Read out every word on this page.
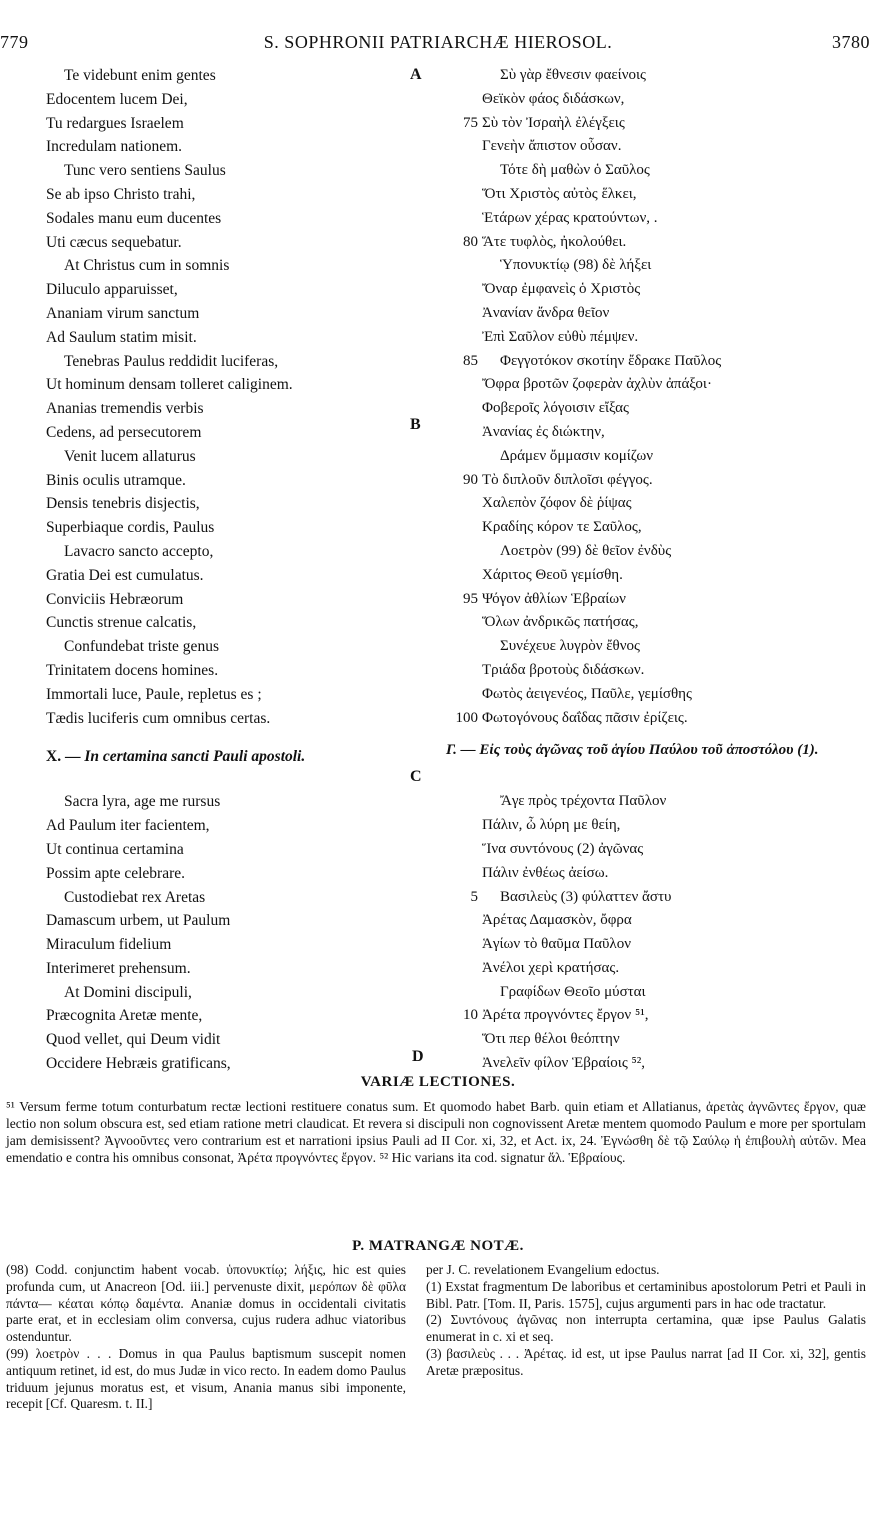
779	S. SOPHRONII PATRIARCHÆ HIEROSOL.	3780
A
B
C
D
Te videbunt enim gentes
Edocentem lucem Dei,
Tu redargues Israelem
Incredulam nationem.
Tunc vero sentiens Saulus
Se ab ipso Christo trahi,
Sodales manu eum ducentes
Uti cæcus sequebatur.
At Christus cum in somnis
Diluculo apparuisset,
Ananiam virum sanctum
Ad Saulum statim misit.
Tenebras Paulus reddidit luciferas,
Ut hominum densam tolleret caliginem.
Ananias tremendis verbis
Cedens, ad persecutorem
Venit lucem allaturus
Binis oculis utramque.
Densis tenebris disjectis,
Superbiaque cordis, Paulus
Lavacro sancto accepto,
Gratia Dei est cumulatus.
Conviciis Hebræorum
Cunctis strenue calcatis,
Confundebat triste genus
Trinitatem docens homines.
Immortali luce, Paule, repletus es ;
Tædis luciferis cum omnibus certas.
X. — In certamina sancti Pauli apostoli.
Sacra lyra, age me rursus
Ad Paulum iter facientem,
Ut continua certamina
Possim apte celebrare.
Custodiebat rex Aretas
Damascum urbem, ut Paulum
Miraculum fidelium
Interimeret prehensum.
At Domini discipuli,
Præcognita Aretæ mente,
Quod vellet, qui Deum vidit
Occidere Hebræis gratificans,
Σὺ γὰρ ἔθνεσιν φαείνοις
Θεϊκὸν φάος διδάσκων,
75 Σὺ τὸν Ἰσραὴλ ἐλέγξεις
Γενεὴν ἄπιστον οὖσαν.
Τότε δὴ μαθὼν ὁ Σαῦλος
Ὅτι Χριστὸς αὐτὸς ἕλκει,
Ἑτάρων χέρας κρατούντων, .
80 Ἅτε τυφλὸς, ἠκολούθει.
Ὑπονυκτίῳ (98) δὲ λήξει
Ὄναρ ἐμφανεὶς ὁ Χριστὸς
Ἀνανίαν ἄνδρα θεῖον
Ἐπὶ Σαῦλον εὐθὺ πέμψεν.
85 Φεγγοτόκον σκοτίην ἔδρακε Παῦλος
Ὄφρα βροτῶν ζοφερὰν ἀχλὺν ἀπάξοι·
Φοβεροῖς λόγοισιν εἴξας
Ἀνανίας ἐς διώκτην,
Δράμεν ὄμμασιν κομίζων
90 Τὸ διπλοῦν διπλοῖσι φέγγος.
Χαλεπὸν ζόφον δὲ ῥίψας
Κραδίης κόρον τε Σαῦλος,
Λοετρὸν (99) δὲ θεῖον ἐνδὺς
Χάριτος Θεοῦ γεμίσθη.
95 Ψόγον ἀθλίων Ἑβραίων
Ὅλων ἀνδρικῶς πατήσας,
Συνέχευε λυγρὸν ἔθνος
Τριάδα βροτοὺς διδάσκων.
Φωτὸς ἀειγενέος, Παῦλε, γεμίσθης
100 Φωτογόνους δαΐδας πᾶσιν ἐρίζεις.
Γ. — Εἰς τοὺς ἀγῶνας τοῦ ἁγίου Παύλου τοῦ ἀποστόλου (1).
Ἄγε πρὸς τρέχοντα Παῦλον
Πάλιν, ὦ λύρη με θείη,
Ἵνα συντόνους (2) ἀγῶνας
Πάλιν ἐνθέως ἀείσω.
5 Βασιλεὺς (3) φύλαττεν ἄστυ
Ἀρέτας Δαμασκὸν, ὄφρα
Ἁγίων τὸ θαῦμα Παῦλον
Ἀνέλοι χερὶ κρατήσας.
Γραφίδων Θεοῖο μύσται
10 Ἀρέτα προγνόντες ἔργον ⁵¹,
Ὅτι περ θέλοι θεόπτην
Ἀνελεῖν φίλον Ἑβραίοις ⁵²,
VARIÆ LECTIONES.

⁵¹ Versum ferme totum conturbatum rectæ lectioni restituere conatus sum. Et quomodo habet Barb. quin etiam et Allatianus, ἀρετὰς ἀγνῶντες ἔργον, quæ lectio non solum obscura est, sed etiam ratione metri claudicat. Et revera si discipuli non cognovissent Aretæ mentem quomodo Paulum e more per sportulam jam demisissent? Ἀγνοοῦντες vero contrarium est et narrationi ipsius Pauli ad II Cor. xi, 32, et Act. ix, 24. Ἐγνώσθη δὲ τῷ Σαύλῳ ἡ ἐπιβουλὴ αὐτῶν. Mea emendatio e contra his omnibus consonat, Ἀρέτα προγνόντες ἔργον. ⁵² Hic varians ita cod. signatur ἄλ. Ἑβραίους.

P. MATRANGÆ NOTÆ.

(98) Codd. conjunctim habent vocab. ὑπονυκτίῳ; λήξις, hic est quies profunda cum, ut Anacreon [Od. iii.] pervenuste dixit, μερόπων δὲ φῦλα πάντα— κέαται κόπῳ δαμέντα. Ananiæ domus in occidentali civitatis parte erat, et in ecclesiam olim conversa, cujus rudera adhuc viatoribus ostenduntur.

(99) λοετρὸν . . . Domus in qua Paulus baptismum suscepit nomen antiquum retinet, id est, do mus Judæ in vico recto. In eadem domo Paulus triduum jejunus moratus est, et visum, Anania manus sibi imponente, recepit [Cf. Quaresm. t. II.]

per J. C. revelationem Evangelium edoctus.

(1) Exstat fragmentum De laboribus et certaminibus apostolorum Petri et Pauli in Bibl. Patr. [Tom. II, Paris. 1575], cujus argumenti pars in hac ode tractatur.

(2) Συντόνους ἀγῶνας non interrupta certamina, quæ ipse Paulus Galatis enumerat in c. xi et seq.

(3) βασιλεὺς . . . Ἀρέτας. id est, ut ipse Paulus narrat [ad II Cor. xi, 32], gentis Aretæ præpositus.
